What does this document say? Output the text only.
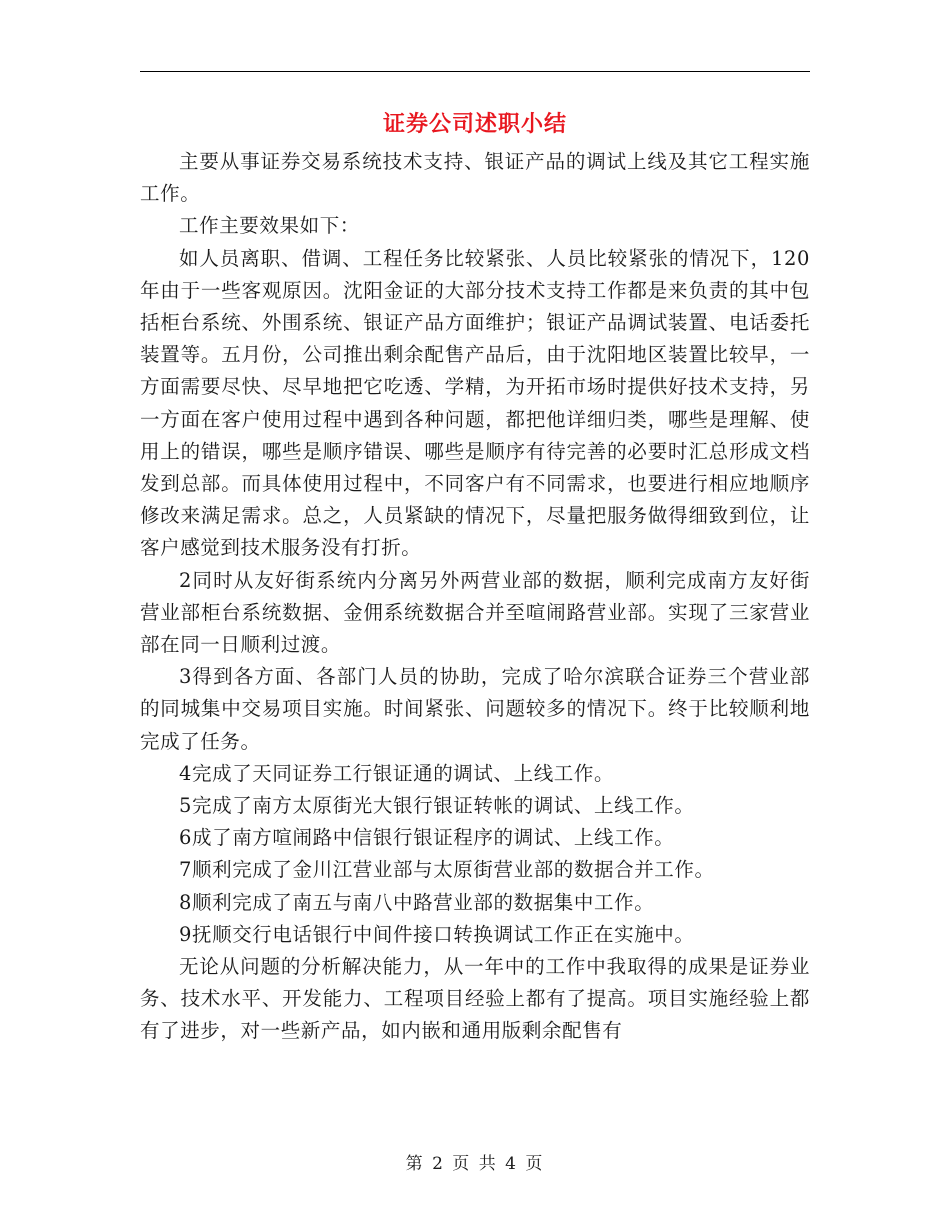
证券公司述职小结

主要从事证券交易系统技术支持、银证产品的调试上线及其它工程实施工作。

工作主要效果如下：

如人员离职、借调、工程任务比较紧张、人员比较紧张的情况下，120年由于一些客观原因。沈阳金证的大部分技术支持工作都是来负责的其中包括柜台系统、外围系统、银证产品方面维护；银证产品调试装置、电话委托装置等。五月份，公司推出剩余配售产品后，由于沈阳地区装置比较早，一方面需要尽快、尽早地把它吃透、学精，为开拓市场时提供好技术支持，另一方面在客户使用过程中遇到各种问题，都把他详细归类，哪些是理解、使用上的错误，哪些是顺序错误、哪些是顺序有待完善的必要时汇总形成文档发到总部。而具体使用过程中，不同客户有不同需求，也要进行相应地顺序修改来满足需求。总之，人员紧缺的情况下，尽量把服务做得细致到位，让客户感觉到技术服务没有打折。

2同时从友好街系统内分离另外两营业部的数据，顺利完成南方友好街营业部柜台系统数据、金佣系统数据合并至喧闹路营业部。实现了三家营业部在同一日顺利过渡。

3得到各方面、各部门人员的协助，完成了哈尔滨联合证券三个营业部的同城集中交易项目实施。时间紧张、问题较多的情况下。终于比较顺利地完成了任务。

4完成了天同证券工行银证通的调试、上线工作。

5完成了南方太原街光大银行银证转帐的调试、上线工作。

6成了南方喧闹路中信银行银证程序的调试、上线工作。

7顺利完成了金川江营业部与太原街营业部的数据合并工作。

8顺利完成了南五与南八中路营业部的数据集中工作。

9抚顺交行电话银行中间件接口转换调试工作正在实施中。

无论从问题的分析解决能力，从一年中的工作中我取得的成果是证券业务、技术水平、开发能力、工程项目经验上都有了提高。项目实施经验上都有了进步，对一些新产品，如内嵌和通用版剩余配售有

第 2 页 共 4 页
